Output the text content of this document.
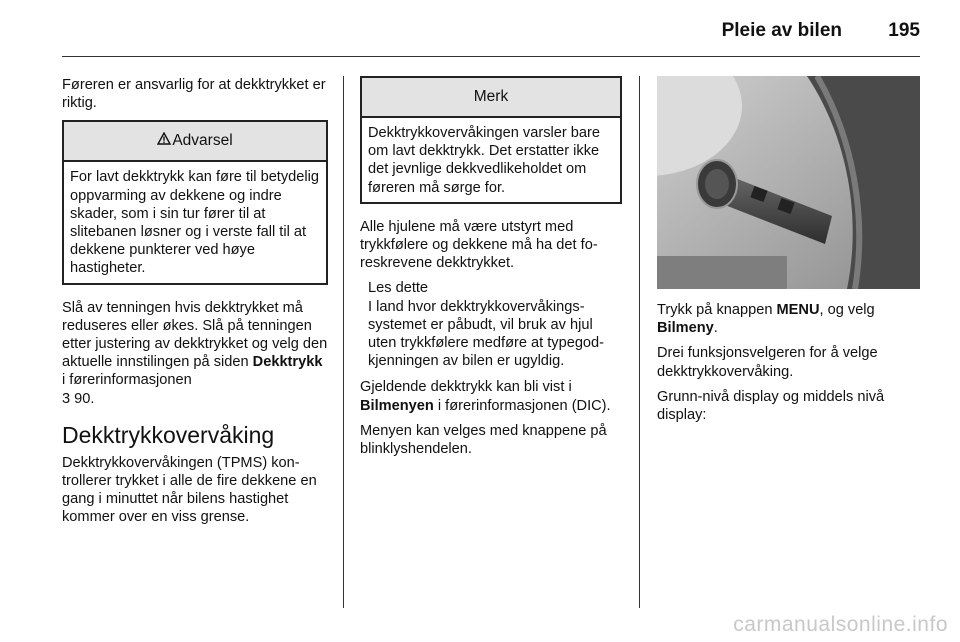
Pleie av bilen 195

Føreren er ansvarlig for at dekktrykket er riktig.

Advarsel
For lavt dekktrykk kan føre til betydelig oppvarming av dekkene og indre skader, som i sin tur fører til at slitebanen løsner og i verste fall til at dekkene punkterer ved høye hastigheter.

Slå av tenningen hvis dekktrykket må reduseres eller økes. Slå på tenningen etter justering av dekktrykket og velg den aktuelle innstilingen på siden Dekktrykk i førerinformasjonen
3 90.

Dekktrykkovervåking

Dekktrykkovervåkingen (TPMS) kontrollerer trykket i alle de fire dekkene en gang i minuttet når bilens hastighet kommer over en viss grense.

Merk
Dekktrykkovervåkingen varsler bare om lavt dekktrykk. Det erstatter ikke det jevnlige dekkvedlikeholdet om føreren må sørge for.

Alle hjulene må være utstyrt med trykkfølere og dekkene må ha det foreskrevene dekktrykket.

Les dette
I land hvor dekktrykkovervåkingssystemet er påbudt, vil bruk av hjul uten trykkfølere medføre at typegodkjenningen av bilen er ugyldig.

Gjeldende dekktrykk kan bli vist i Bilmenyen i førerinformasjonen (DIC).

Menyen kan velges med knappene på blinklyshendelen.

Trykk på knappen MENU, og velg Bilmeny.

Drei funksjonsvelgeren for å velge dekktrykkovervåking.

Grunn-nivå display og middels nivå display:

carmanualsonline.info
